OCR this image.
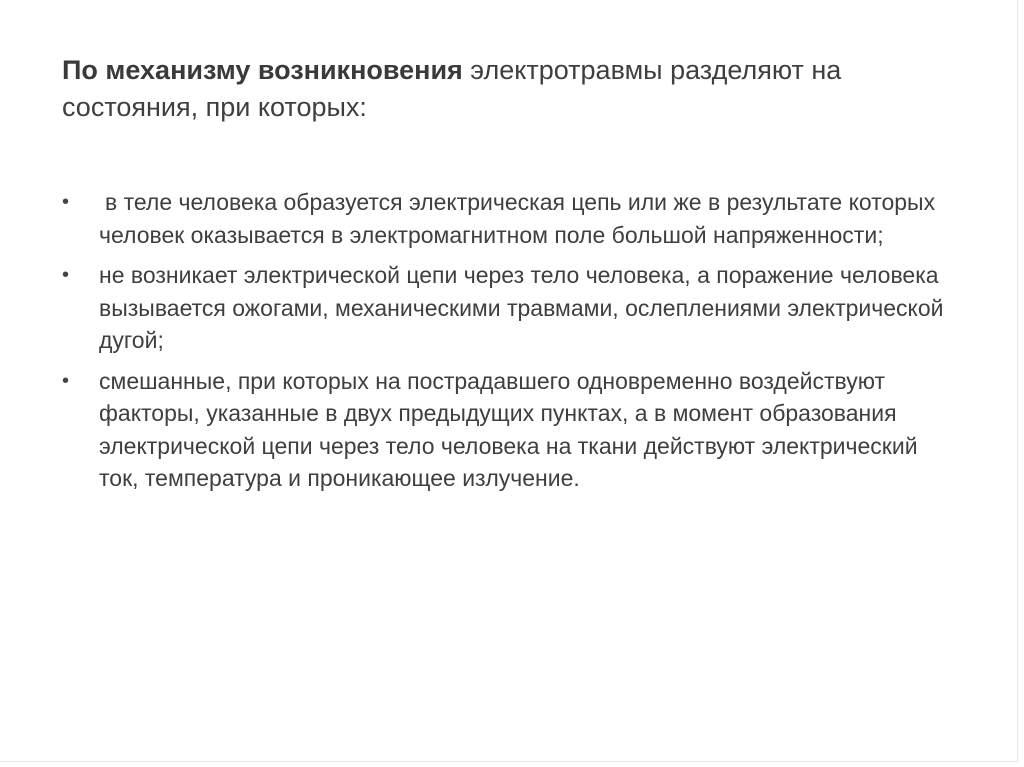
По механизму возникновения электротравмы разделяют на состояния, при которых:

•	в теле человека образуется электрическая цепь или же в результате которых человек оказывается в электромагнитном поле большой напряженности;
•	не возникает электрической цепи через тело человека, а поражение человека вызывается ожогами, механическими травмами, ослеплениями электрической дугой;
•	смешанные, при которых на пострадавшего одновременно воздействуют факторы, указанные в двух предыдущих пунктах, а в момент образования электрической цепи через тело человека на ткани действуют электрический ток, температура и проникающее излучение.
